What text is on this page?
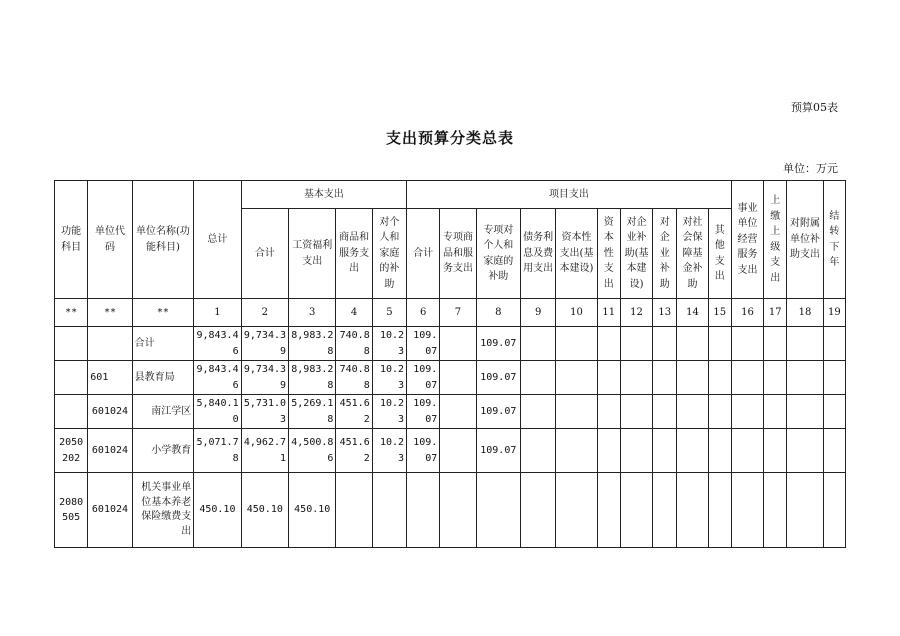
预算05表
支出预算分类总表
单位：万元
功能科目	单位代码	单位名称(功能科目)	总计	基本支出				项目支出										事业单位经营服务支出	上缴上级支出	对附属单位补助支出	结转下年
				合计	工资福利支出	商品和服务支出	对个人和家庭的补助	合计	专项商品和服务支出	专项对个人和家庭的补助	债务利息及费用支出	资本性支出(基本建设)	资本性支出	对企业补助(基本建设)	对企业补助	对社会保障基金补助	其他支出				
**	**	**	1	2	3	4	5	6	7	8	9	10	11	12	13	14	15	16	17	18	19
		合计	9,843.46	9,734.39	8,983.28	740.88	10.23	109.07		109.07											
	601	县教育局	9,843.46	9,734.39	8,983.28	740.88	10.23	109.07		109.07											
	601024	南江学区	5,840.10	5,731.03	5,269.18	451.62	10.23	109.07		109.07											
2050202	601024	小学教育	5,071.78	4,962.71	4,500.86	451.62	10.23	109.07		109.07											
2080505	601024	机关事业单位基本养老保险缴费支出	450.10	450.10	450.10																
